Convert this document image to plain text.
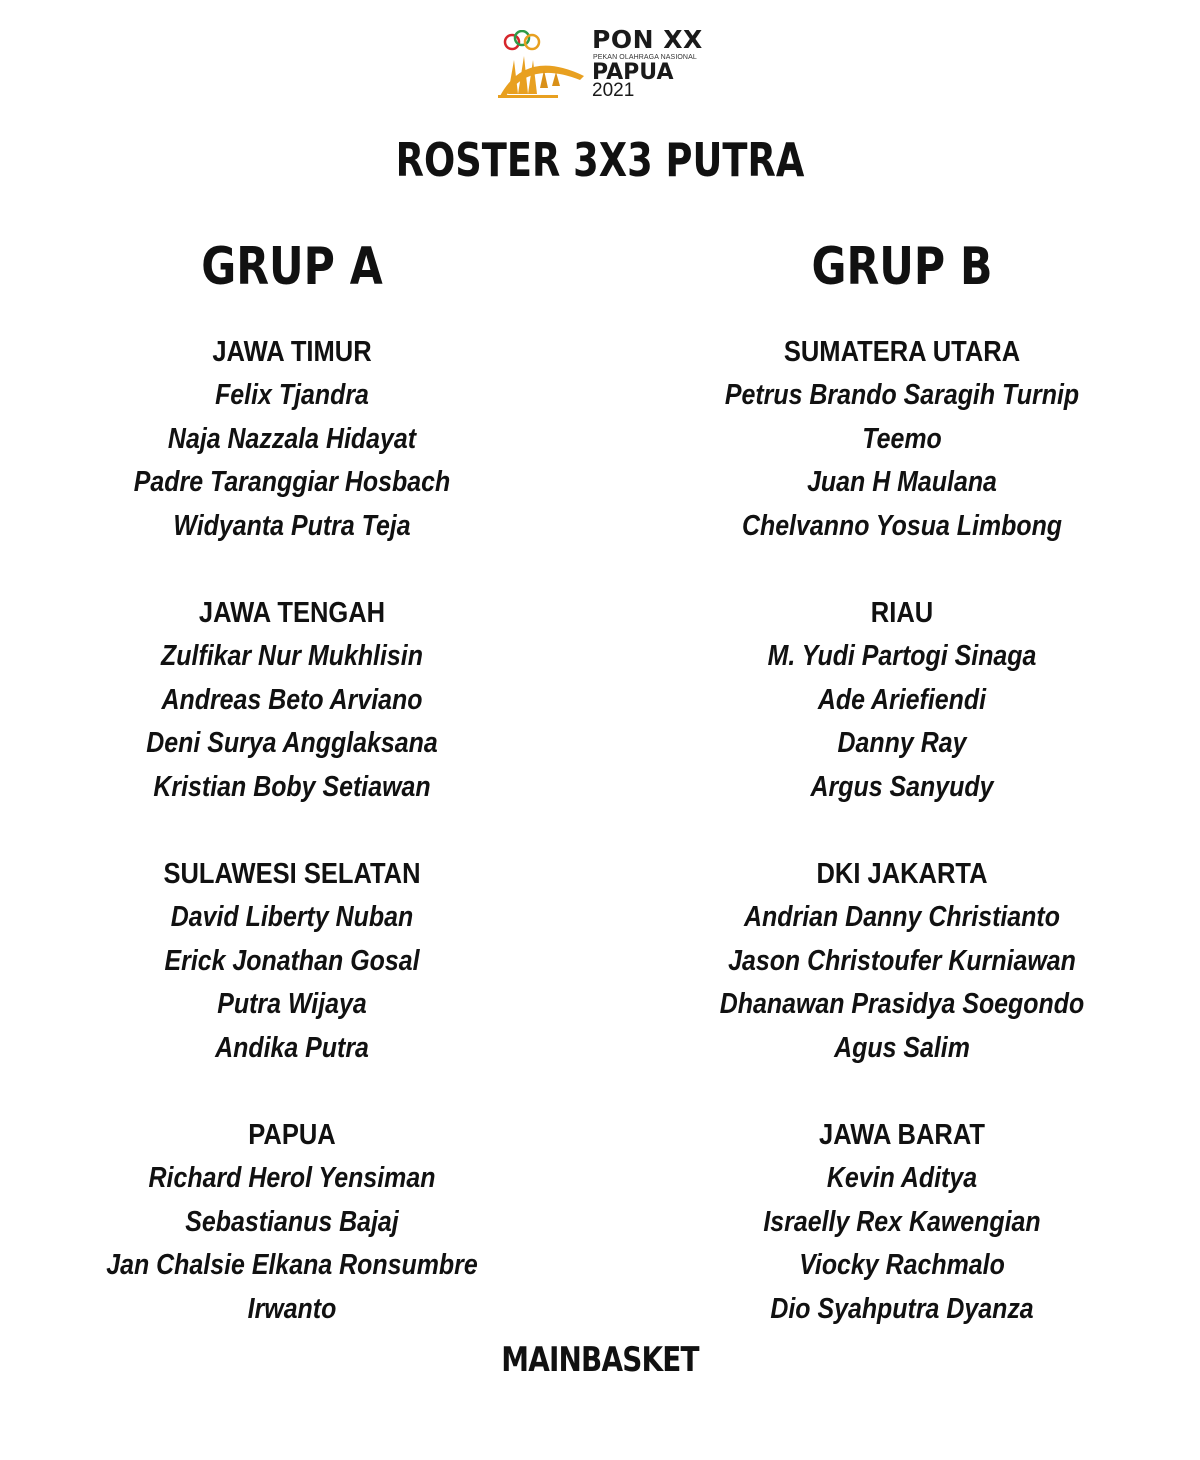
PON XX
PEKAN OLAHRAGA NASIONAL
PAPUA
2021
ROSTER 3X3 PUTRA
GRUP A
JAWA TIMUR
Felix Tjandra
Naja Nazzala Hidayat
Padre Taranggiar Hosbach
Widyanta Putra Teja
JAWA TENGAH
Zulfikar Nur Mukhlisin
Andreas Beto Arviano
Deni Surya Angglaksana
Kristian Boby Setiawan
SULAWESI SELATAN
David Liberty Nuban
Erick Jonathan Gosal
Putra Wijaya
Andika Putra
PAPUA
Richard Herol Yensiman
Sebastianus Bajaj
Jan Chalsie Elkana Ronsumbre
Irwanto
GRUP B
SUMATERA UTARA
Petrus Brando Saragih Turnip
Teemo
Juan H Maulana
Chelvanno Yosua Limbong
RIAU
M. Yudi Partogi Sinaga
Ade Ariefiendi
Danny Ray
Argus Sanyudy
DKI JAKARTA
Andrian Danny Christianto
Jason Christoufer Kurniawan
Dhanawan Prasidya Soegondo
Agus Salim
JAWA BARAT
Kevin Aditya
Israelly Rex Kawengian
Viocky Rachmalo
Dio Syahputra Dyanza
MAINBASKET
